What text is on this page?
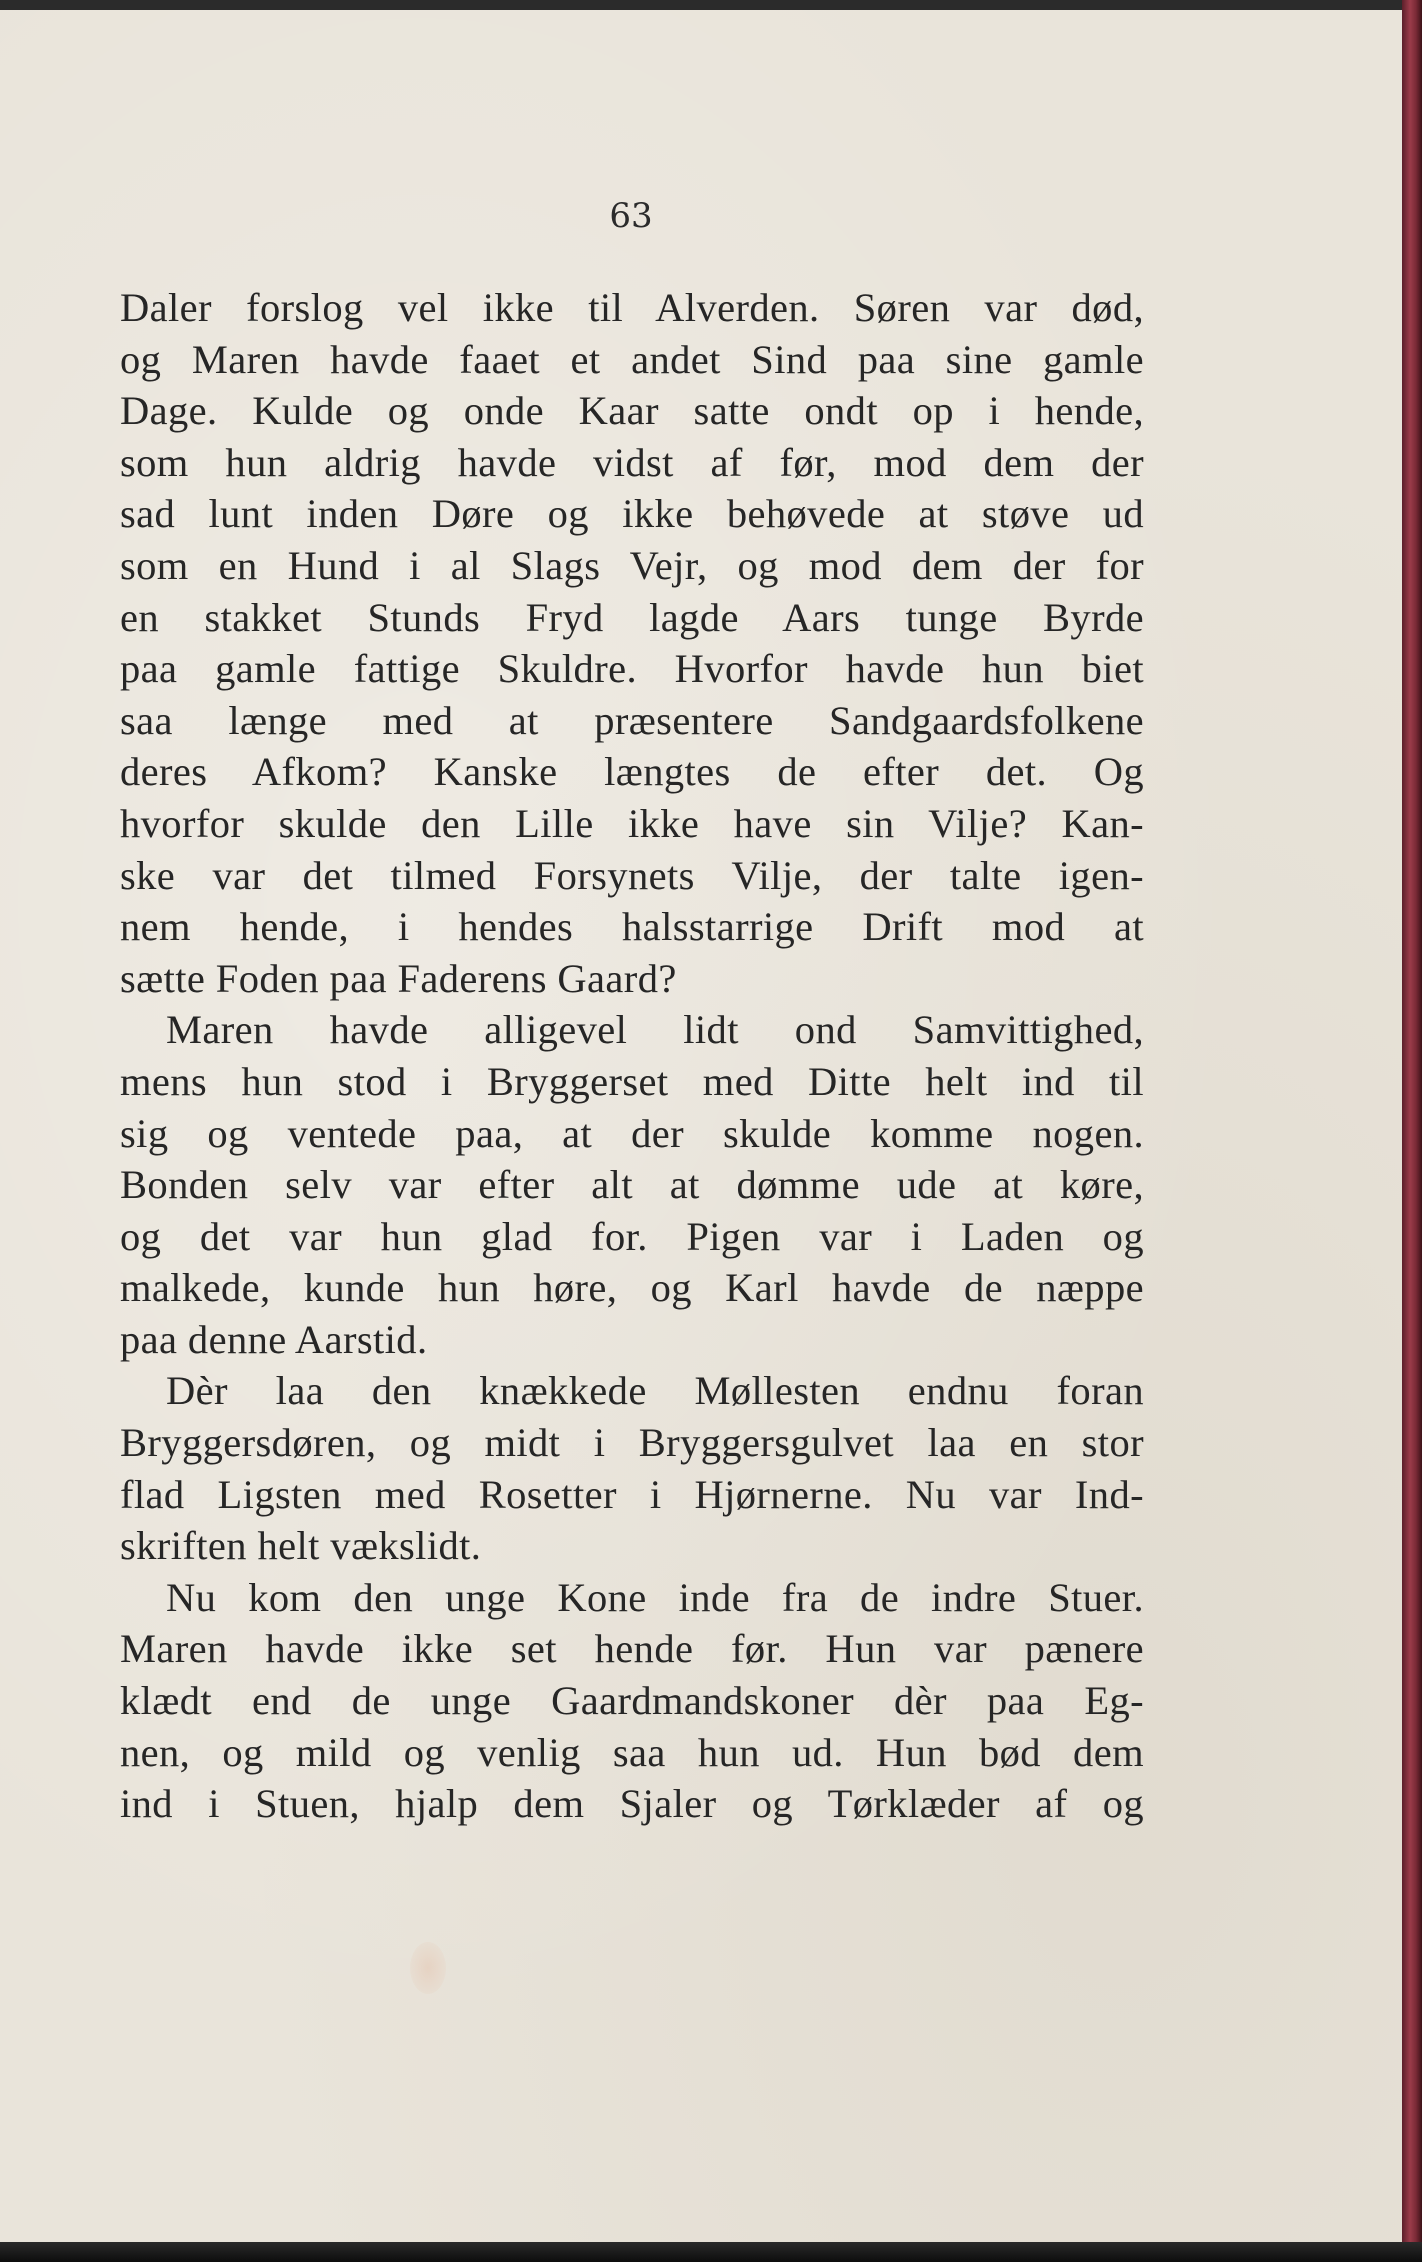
63
Daler forslog vel ikke til Alverden. Søren var død,
og Maren havde faaet et andet Sind paa sine gamle
Dage. Kulde og onde Kaar satte ondt op i hende,
som hun aldrig havde vidst af før, mod dem der
sad lunt inden Døre og ikke behøvede at støve ud
som en Hund i al Slags Vejr, og mod dem der for
en stakket Stunds Fryd lagde Aars tunge Byrde
paa gamle fattige Skuldre. Hvorfor havde hun biet
saa længe med at præsentere Sandgaardsfolkene
deres Afkom? Kanske længtes de efter det. Og
hvorfor skulde den Lille ikke have sin Vilje? Kan-
ske var det tilmed Forsynets Vilje, der talte igen-
nem hende, i hendes halsstarrige Drift mod at
sætte Foden paa Faderens Gaard?
Maren havde alligevel lidt ond Samvittighed,
mens hun stod i Bryggerset med Ditte helt ind til
sig og ventede paa, at der skulde komme nogen.
Bonden selv var efter alt at dømme ude at køre,
og det var hun glad for. Pigen var i Laden og
malkede, kunde hun høre, og Karl havde de næppe
paa denne Aarstid.
Dèr laa den knækkede Møllesten endnu foran
Bryggersdøren, og midt i Bryggersgulvet laa en stor
flad Ligsten med Rosetter i Hjørnerne. Nu var Ind-
skriften helt vækslidt.
Nu kom den unge Kone inde fra de indre Stuer.
Maren havde ikke set hende før. Hun var pænere
klædt end de unge Gaardmandskoner dèr paa Eg-
nen, og mild og venlig saa hun ud. Hun bød dem
ind i Stuen, hjalp dem Sjaler og Tørklæder af og
